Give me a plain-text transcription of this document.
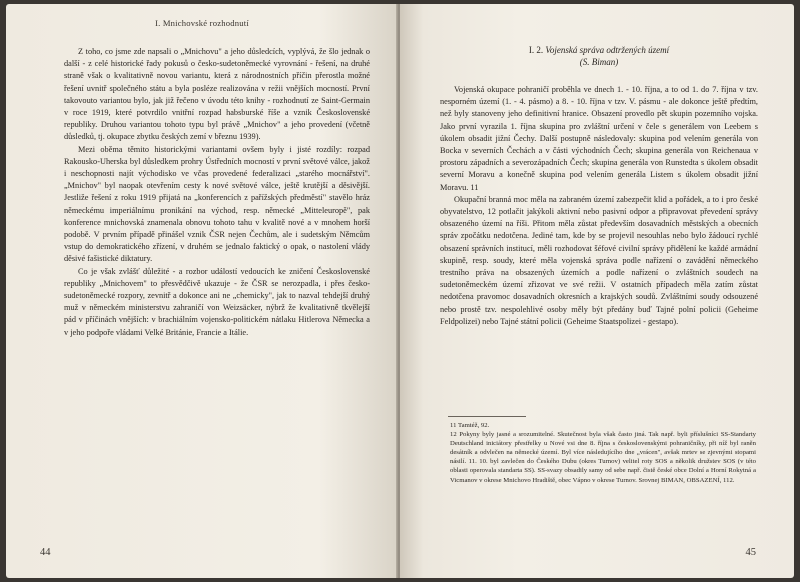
I. Mnichovské rozhodnutí

Z toho, co jsme zde napsali o „Mnichovu" a jeho důsledcích, vyplývá, že šlo jednak o další - z celé historické řady pokusů o česko-sudetoněmecké vyrovnání - řešení, na druhé straně však o kvalitativně novou variantu, která z národnostních příčin přerostla možné řešení uvnitř společného státu a byla posléze realizována v režii vnějších mocností. První takovouto variantou bylo, jak již řečeno v úvodu této knihy - rozhodnutí ze Saint-Germain v roce 1919, které potvrdilo vnitřní rozpad habsburské říše a vznik Československé republiky. Druhou variantou tohoto typu byl právě „Mnichov" a jeho provedení (včetně důsledků, tj. okupace zbytku českých zemí v březnu 1939).

Mezi oběma těmito historickými variantami ovšem byly i jisté rozdíly: rozpad Rakousko-Uherska byl důsledkem prohry Ústředních mocností v první světové válce, jakož i neschopnosti najít východisko ve včas provedené federalizaci „starého mocnářství". „Mnichov" byl naopak otevřením cesty k nové světové válce, ještě krutější a děsivější. Jestliže řešení z roku 1919 přijatá na „konferencích z pařížských předměstí" stavělo hráz německému imperiálnímu pronikání na východ, resp. německé „Mitteleuropě", pak konference mnichovská znamenala obnovu tohoto tahu v kvalitě nové a v mnohem horší podobě. V prvním případě přinášel vznik ČSR nejen Čechům, ale i sudetským Němcům vstup do demokratického zřízení, v druhém se jednalo faktický o opak, o nastolení vlády děsivé fašistické diktatury.

Co je však zvlášť důležité - a rozbor událostí vedoucích ke zničení Československé republiky „Mnichovem" to přesvědčivě ukazuje - že ČSR se nerozpadla, i přes česko-sudetoněmecké rozpory, zevnitř a dokonce ani ne „chemicky", jak to nazval tehdejší druhý muž v německém ministerstvu zahraničí von Weizsäcker, nýbrž že kvalitativně tkvělejší pád v příčinách vnějších: v brachiálním vojensko-politickém nátlaku Hitlerova Německa a v jeho podpoře vládami Velké Británie, Francie a Itálie.

44
I. 2. Vojenská správa odtržených území
(S. Biman)

Vojenská okupace pohraničí proběhla ve dnech 1. - 10. října, a to od 1. do 7. října v tzv. nesporném území (1. - 4. pásmo) a 8. - 10. října v tzv. V. pásmu - ale dokonce ještě předtím, než byly stanoveny jeho definitivní hranice. Obsazení provedlo pět skupin pozemního vojska. Jako první vyrazila 1. října skupina pro zvláštní určení v čele s generálem von Leebem s úkolem obsadit jižní Čechy. Další postupně následovaly: skupina pod velením generála von Bocka v severních Čechách a v části východních Čech; skupina generála von Reichenaua v prostoru západních a severozápadních Čech; skupina generála von Runstedta s úkolem obsadit severní Moravu a konečně skupina pod velením generála Listem s úkolem obsadit jižní Moravu. 11

Okupační branná moc měla na zabraném území zabezpečit klid a pořádek, a to i pro české obyvatelstvo, 12 potlačit jakýkoli aktivní nebo pasivní odpor a připravovat převedení správy obsazeného území na říši. Přitom měla zůstat především dosavadních městských a obecních správ zpočátku nedotčena. Jediné tam, kde by se projevil nesouhlas nebo bylo žádoucí rychlé obsazení správních institucí, měli rozhodovat šéfové civilní správy přidělení ke každé armádní skupině, resp. soudy, které měla vojenská správa podle nařízení o zavádění německého trestního práva na obsazených územích a podle nařízení o zvláštních soudech na sudetoněmeckém území zřizovat ve své režii. V ostatních případech měla zatím zůstat nedotčena pravomoc dosavadních okresních a krajských soudů. Zvláštními soudy odsouzené nebo prostě tzv. nespolehlivé osoby měly být předány buď Tajné polní policii (Geheime Feldpolizei) nebo Tajné státní policii (Geheime Staatspolizei - gestapo).

11 Tamtéž, 92.

12 Pokyny byly jasné a srozumitelné. Skutečnost byla však často jiná. Tak např. byli příslušníci SS-Standarty Deutschland iniciátory přestřelky u Nové vsi dne 8. října s československými pohraničníky, při níž byl raněn desátník a odvlečen na německé území. Byl více následujícího dne „vrácen", avšak mrtev se zjevnými stopami násilí. 11. 10. byl zavlečen do Českého Dubu (okres Turnov) velitel roty SOS a několik družstev SOS (v této oblasti operovala standarta SS). SS-svazy obsadily samy od sebe např. čistě české obce Dolní a Horní Rokytná a Vicmanov v okrese Mnichovo Hradiště, obec Vápno v okrese Turnov. Srovnej BIMAN, OBSAZENÍ, 112.

45
